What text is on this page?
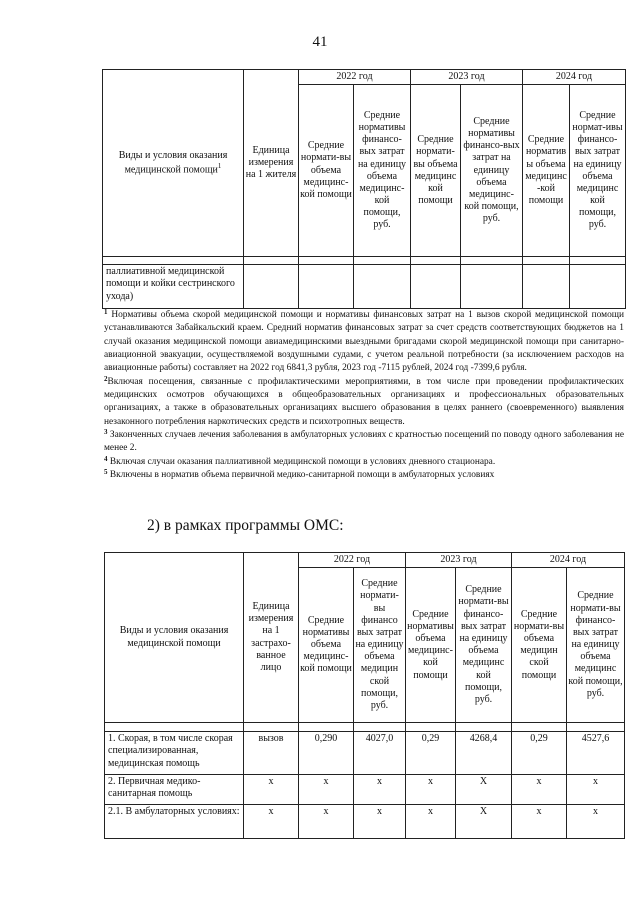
41
Виды и условия оказания медицинской помощи$^1$	Единица измерения на 1 жителя	2022 год		2023 год		2024 год	
		Средние нормати-вы объема медицинс-кой помощи	Средние нормативы финансо-вых затрат на единицу объема медицинс-кой помощи, руб.	Средние нормати-вы объема медицинс кой помощи	Средние нормативы финансо-вых затрат на единицу объема медицинс-кой помощи, руб.	Средние нормативы объема медицинс-кой помощи	Средние нормат-ивы финансо-вых затрат на единицу объема медицинс кой помощи, руб.

паллиативной медицинской помощи и койки сестринского ухода)							

$^1$ Нормативы объема скорой медицинской помощи и нормативы финансовых затрат на 1 вызов скорой медицинской помощи устанавливаются Забайкальский краем. Средний норматив финансовых затрат за счет средств соответствующих бюджетов на 1 случай оказания медицинской помощи авиамедицинскими выездными бригадами скорой медицинской помощи при санитарно-авиационной эвакуации, осуществляемой воздушными судами, с учетом реальной потребности (за исключением расходов на авиационные работы) составляет на 2022 год 6841,3 рубля, 2023 год -7115 рублей, 2024 год -7399,6 рубля.

$^2$Включая посещения, связанные с профилактическими мероприятиями, в том числе при проведении профилактических медицинских осмотров обучающихся в общеобразовательных организациях и профессиональных образовательных организациях, а также в образовательных организациях высшего образования в целях раннего (своевременного) выявления незаконного потребления наркотических средств и психотропных веществ.

$^3$ Законченных случаев лечения заболевания в амбулаторных условиях с кратностью посещений по поводу одного заболевания не менее 2.

$^4$ Включая случаи оказания паллиативной медицинской помощи в условиях дневного стационара.

$^5$ Включены в норматив объема первичной медико-санитарной помощи в амбулаторных условиях

2) в рамках программы ОМС:
Виды и условия оказания медицинской помощи	Единица измерения на 1 застрахо-ванное лицо	2022 год		2023 год		2024 год	
		Средние нормативы объема медицинс-кой помощи	Средние нормати-вы финансо вых затрат на единицу объема медицин ской помощи, руб.	Средние нормативы объема медицинс-кой помощи	Средние нормати-вы финансо-вых затрат на единицу объема медицинс кой помощи, руб.	Средние нормати-вы объема медицин ской помощи	Средние нормати-вы финансо-вых затрат на единицу объема медицинс кой помощи, руб.

1. Скорая, в том числе скорая специализированная, медицинская помощь	вызов	0,290	4027,0	0,29	4268,4	0,29	4527,6
2. Первичная медико-санитарная помощь	х	х	х	х	Х	х	х
2.1. В амбулаторных условиях:	х	х	х	х	Х	х	х
